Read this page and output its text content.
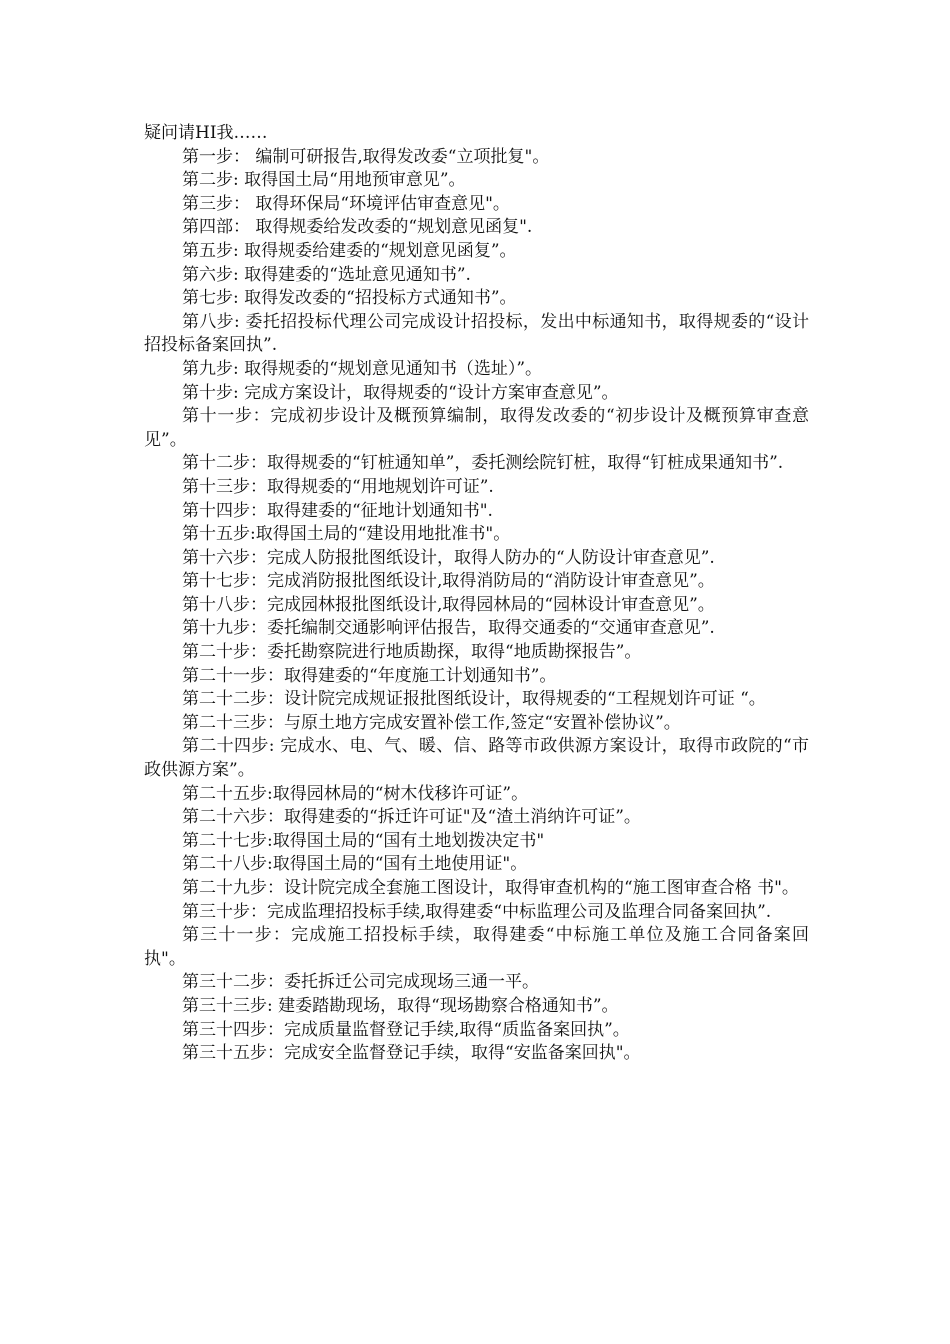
疑问请HI我……

第一步： 编制可研报告,取得发改委“立项批复"。

第二步: 取得国土局“用地预审意见”。

第三步： 取得环保局“环境评估审查意见"。

第四部： 取得规委给发改委的“规划意见函复".

第五步: 取得规委给建委的“规划意见函复”。

第六步: 取得建委的“选址意见通知书”.

第七步: 取得发改委的“招投标方式通知书”。

第八步: 委托招投标代理公司完成设计招投标，发出中标通知书，取得规委的“设计招投标备案回执”.

第九步: 取得规委的“规划意见通知书（选址）”。

第十步: 完成方案设计，取得规委的“设计方案审查意见”。

第十一步：完成初步设计及概预算编制，取得发改委的“初步设计及概预算审查意见”。

第十二步：取得规委的“钉桩通知单”，委托测绘院钉桩，取得“钉桩成果通知书”.

第十三步：取得规委的“用地规划许可证”.

第十四步：取得建委的“征地计划通知书".

第十五步:取得国土局的“建设用地批准书"。

第十六步：完成人防报批图纸设计，取得人防办的“人防设计审查意见”.

第十七步：完成消防报批图纸设计,取得消防局的“消防设计审查意见”。

第十八步：完成园林报批图纸设计,取得园林局的“园林设计审查意见”。

第十九步：委托编制交通影响评估报告，取得交通委的“交通审查意见”.

第二十步：委托勘察院进行地质勘探，取得“地质勘探报告”。

第二十一步：取得建委的“年度施工计划通知书”。

第二十二步：设计院完成规证报批图纸设计，取得规委的“工程规划许可证 “。

第二十三步：与原土地方完成安置补偿工作,签定“安置补偿协议”。

第二十四步: 完成水、电、气、暖、信、路等市政供源方案设计，取得市政院的“市政供源方案”。

第二十五步:取得园林局的“树木伐移许可证”。

第二十六步：取得建委的“拆迁许可证"及“渣土消纳许可证”。

第二十七步:取得国土局的“国有土地划拨决定书"

第二十八步:取得国土局的“国有土地使用证"。

第二十九步：设计院完成全套施工图设计，取得审查机构的“施工图审查合格 书"。

第三十步：完成监理招投标手续,取得建委“中标监理公司及监理合同备案回执”.

第三十一步：完成施工招投标手续，取得建委“中标施工单位及施工合同备案回执"。

第三十二步：委托拆迁公司完成现场三通一平。

第三十三步: 建委踏勘现场，取得“现场勘察合格通知书”。

第三十四步：完成质量监督登记手续,取得“质监备案回执”。

第三十五步：完成安全监督登记手续，取得“安监备案回执"。
